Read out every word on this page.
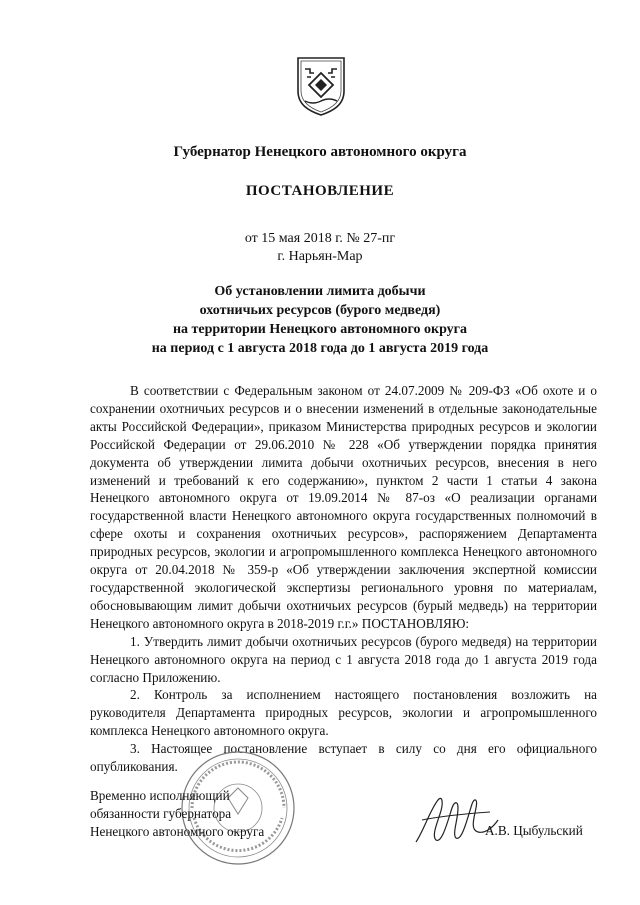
Губернатор Ненецкого автономного округа
ПОСТАНОВЛЕНИЕ
от 15 мая 2018 г. № 27-пг
г. Нарьян-Мар
Об установлении лимита добычи
охотничьих ресурсов (бурого медведя)
на территории Ненецкого автономного округа
на период с 1 августа 2018 года до 1 августа 2019 года

В соответствии с Федеральным законом от 24.07.2009 № 209-ФЗ «Об охоте и о сохранении охотничьих ресурсов и о внесении изменений в отдельные законодательные акты Российской Федерации», приказом Министерства природных ресурсов и экологии Российской Федерации от 29.06.2010 № 228 «Об утверждении порядка принятия документа об утверждении лимита добычи охотничьих ресурсов, внесения в него изменений и требований к его содержанию», пунктом 2 части 1 статьи 4 закона Ненецкого автономного округа от 19.09.2014 № 87-оз «О реализации органами государственной власти Ненецкого автономного округа государственных полномочий в сфере охоты и сохранения охотничьих ресурсов», распоряжением Департамента природных ресурсов, экологии и агропромышленного комплекса Ненецкого автономного округа от 20.04.2018 № 359-р «Об утверждении заключения экспертной комиссии государственной экологической экспертизы регионального уровня по материалам, обосновывающим лимит добычи охотничьих ресурсов (бурый медведь) на территории Ненецкого автономного округа в 2018-2019 г.г.» ПОСТАНОВЛЯЮ:

1. Утвердить лимит добычи охотничьих ресурсов (бурого медведя) на территории Ненецкого автономного округа на период с 1 августа 2018 года до 1 августа 2019 года согласно Приложению.

2. Контроль за исполнением настоящего постановления возложить на руководителя Департамента природных ресурсов, экологии и агропромышленного комплекса Ненецкого автономного округа.

3. Настоящее постановление вступает в силу со дня его официального опубликования.

Временно исполняющий
обязанности губернатора
Ненецкого автономного округа	А.В. Цыбульский
